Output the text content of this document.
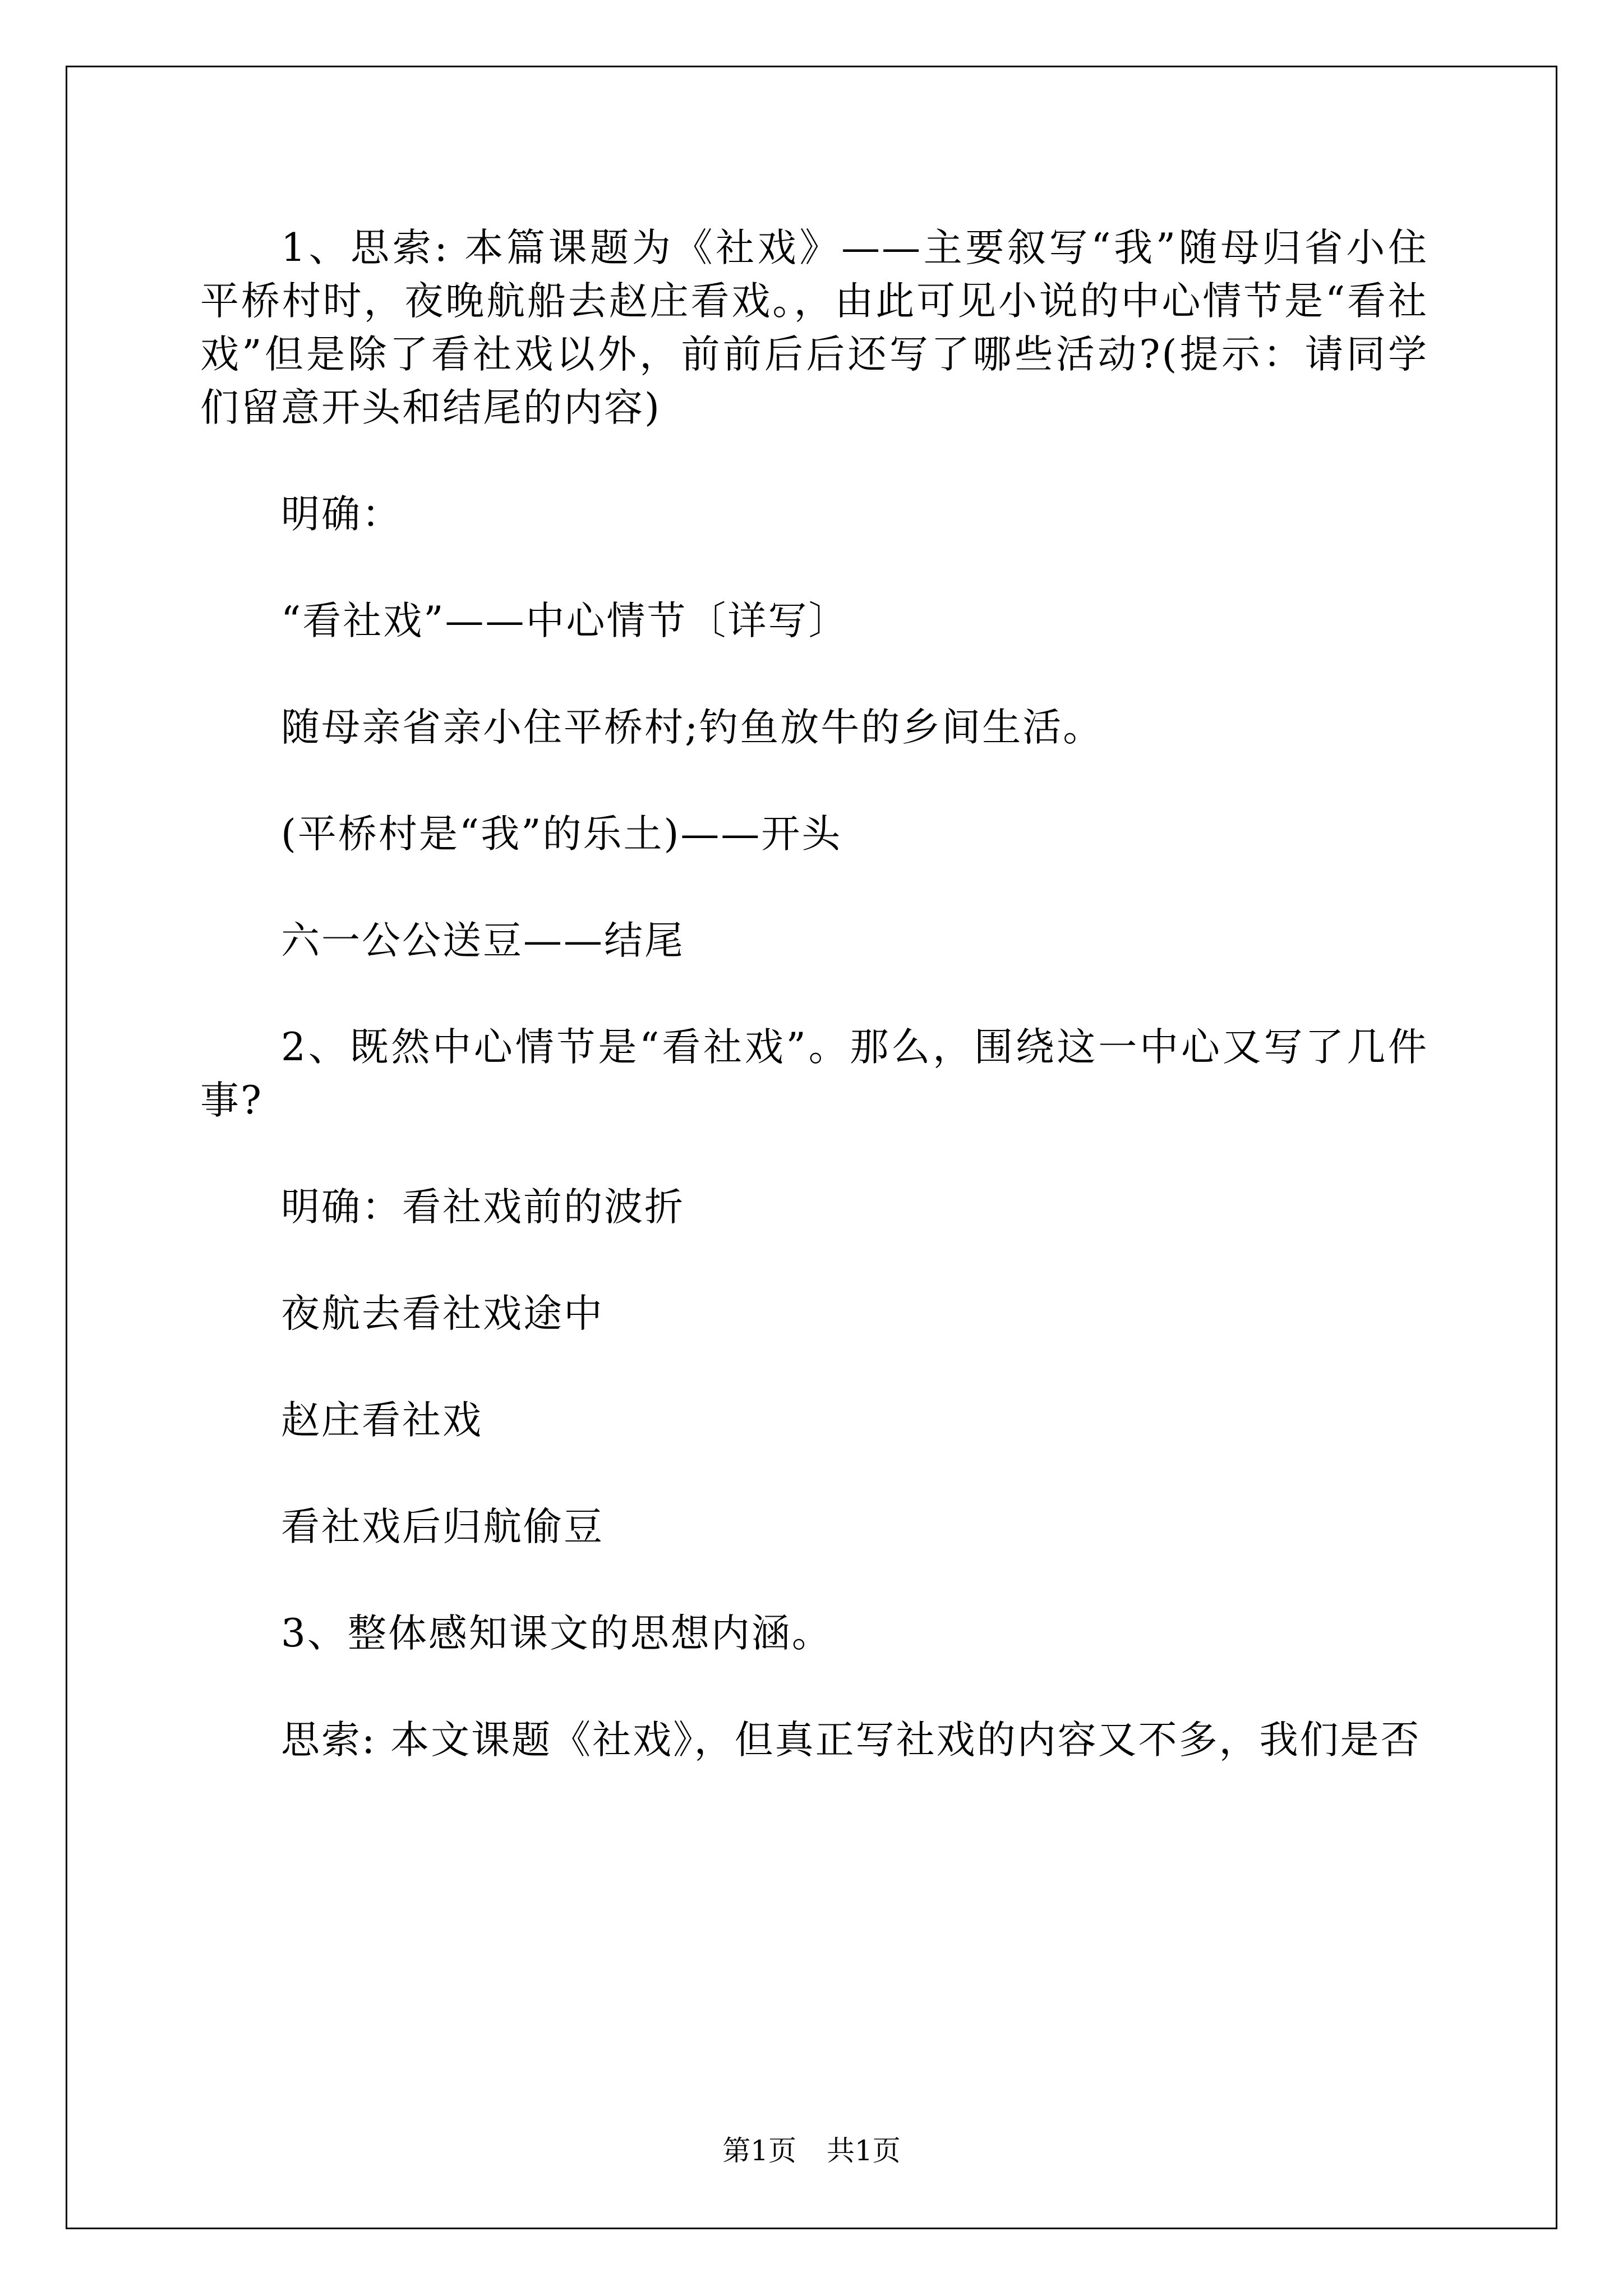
1、思索: 本篇课题为《社戏》——主要叙写“我”随母归省小住平桥村时，夜晚航船去赵庄看戏。，由此可见小说的中心情节是“看社戏”但是除了看社戏以外，前前后后还写了哪些活动?(提示：请同学们留意开头和结尾的内容)

明确：

“看社戏”——中心情节〔详写〕

随母亲省亲小住平桥村;钓鱼放牛的乡间生活。

(平桥村是“我”的乐土)——开头

六一公公送豆——结尾

2、既然中心情节是“看社戏”。那么，围绕这一中心又写了几件事?

明确：看社戏前的波折

夜航去看社戏途中

赵庄看社戏

看社戏后归航偷豆

3、整体感知课文的思想内涵。

思索: 本文课题《社戏》，但真正写社戏的内容又不多，我们是否

第1页 共1页
